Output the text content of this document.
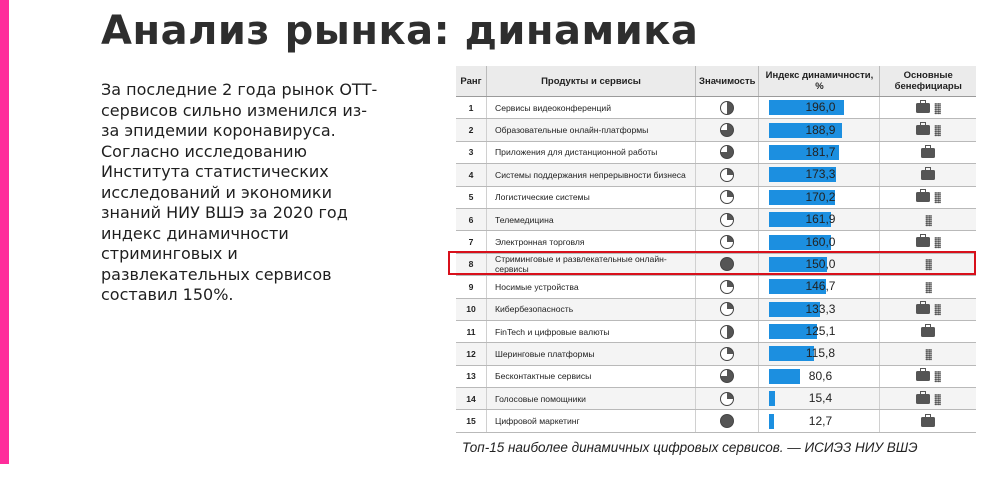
Анализ рынка: динамика

За последние 2 года рынок ОТТ-сервисов сильно изменился из-за эпидемии коронавируса. Согласно исследованию Института статистических исследований и экономики знаний НИУ ВШЭ за 2020 год индекс динамичности стриминговых и развлекательных сервисов составил 150%.

Ранг	Продукты и сервисы	Значимость	Индекс динамичности, %	Основные бенефициары
1	Сервисы видеоконференций		196,0	⸽⸽⸽⸽
2	Образовательные онлайн-платформы		188,9	⸽⸽⸽⸽
3	Приложения для дистанционной работы		181,7	

4	Системы поддержания непрерывности бизнеса		173,3	

5	Логистические системы		170,2	⸽⸽⸽⸽
6	Телемедицина		161,9	⸽⸽⸽⸽
7	Электронная торговля		160,0	⸽⸽⸽⸽
8	Стриминговые и развлекательные онлайн-сервисы		150,0	⸽⸽⸽⸽
9	Носимые устройства		146,7	⸽⸽⸽⸽
10	Кибербезопасность		133,3	⸽⸽⸽⸽
11	FinTech и цифровые валюты		125,1	

12	Шеринговые платформы		115,8	⸽⸽⸽⸽
13	Бесконтактные сервисы		80,6	⸽⸽⸽⸽
14	Голосовые помощники		15,4	⸽⸽⸽⸽
15	Цифровой маркетинг		12,7	

Топ-15 наиболее динамичных цифровых сервисов. — ИСИЭЗ НИУ ВШЭ
